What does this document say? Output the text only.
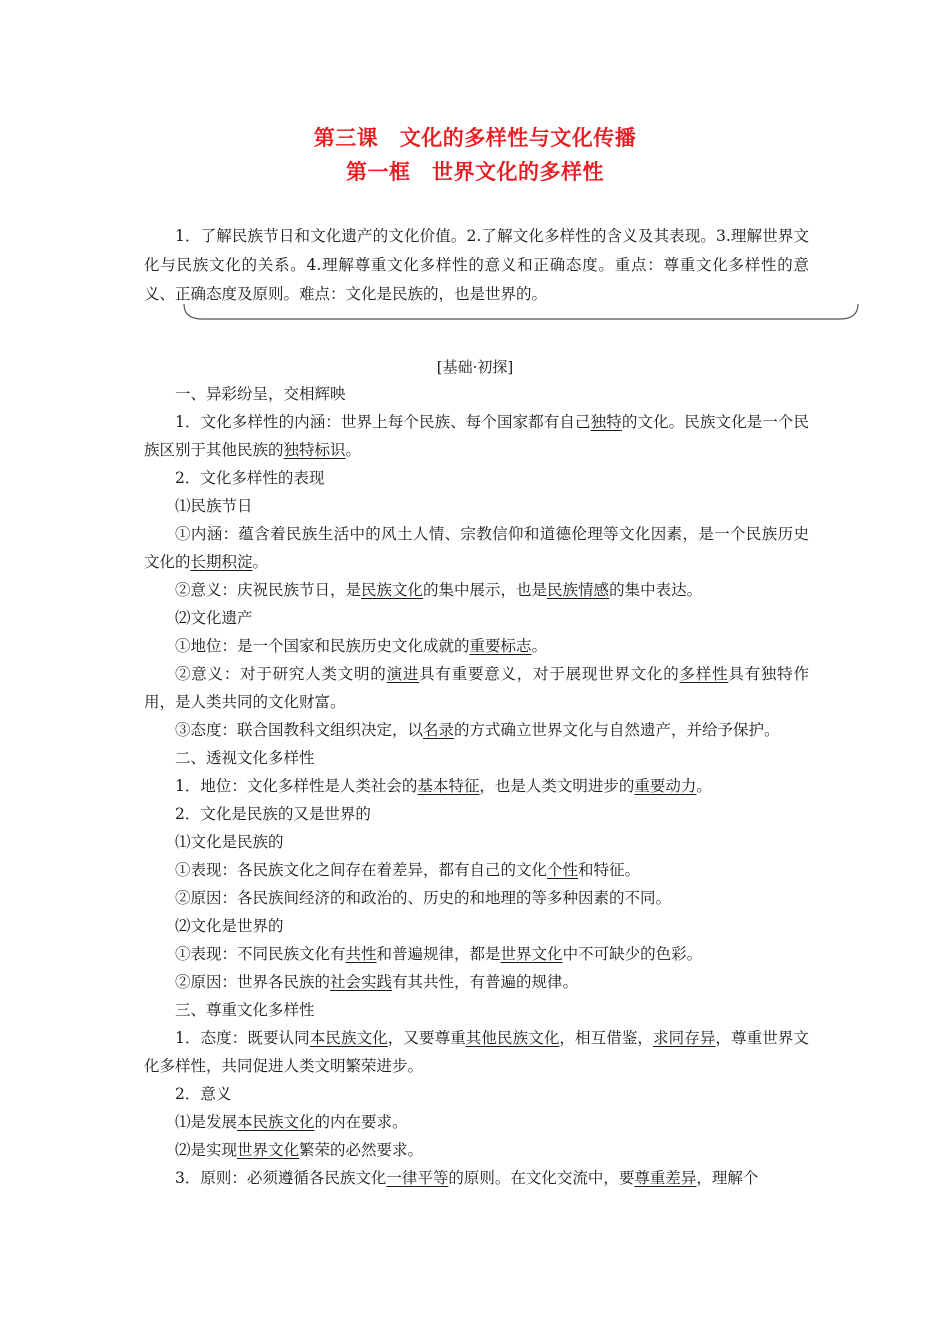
第三课　文化的多样性与文化传播
第一框　世界文化的多样性
1．了解民族节日和文化遗产的文化价值。2.了解文化多样性的含义及其表现。3.理解世界文化与民族文化的关系。4.理解尊重文化多样性的意义和正确态度。重点：尊重文化多样性的意义、正确态度及原则。难点：文化是民族的，也是世界的。
[基础·初探]

一、异彩纷呈，交相辉映

1．文化多样性的内涵：世界上每个民族、每个国家都有自己独特的文化。民族文化是一个民族区别于其他民族的独特标识。

2．文化多样性的表现

⑴民族节日

①内涵：蕴含着民族生活中的风土人情、宗教信仰和道德伦理等文化因素，是一个民族历史文化的长期积淀。

②意义：庆祝民族节日，是民族文化的集中展示，也是民族情感的集中表达。

⑵文化遗产

①地位：是一个国家和民族历史文化成就的重要标志。

②意义：对于研究人类文明的演进具有重要意义，对于展现世界文化的多样性具有独特作用，是人类共同的文化财富。

③态度：联合国教科文组织决定，以名录的方式确立世界文化与自然遗产，并给予保护。

二、透视文化多样性

1．地位：文化多样性是人类社会的基本特征，也是人类文明进步的重要动力。

2．文化是民族的又是世界的

⑴文化是民族的

①表现：各民族文化之间存在着差异，都有自己的文化个性和特征。

②原因：各民族间经济的和政治的、历史的和地理的等多种因素的不同。

⑵文化是世界的

①表现：不同民族文化有共性和普遍规律，都是世界文化中不可缺少的色彩。

②原因：世界各民族的社会实践有其共性，有普遍的规律。

三、尊重文化多样性

1．态度：既要认同本民族文化，又要尊重其他民族文化，相互借鉴，求同存异，尊重世界文化多样性，共同促进人类文明繁荣进步。

2．意义

⑴是发展本民族文化的内在要求。

⑵是实现世界文化繁荣的必然要求。

3．原则：必须遵循各民族文化一律平等的原则。在文化交流中，要尊重差异，理解个
